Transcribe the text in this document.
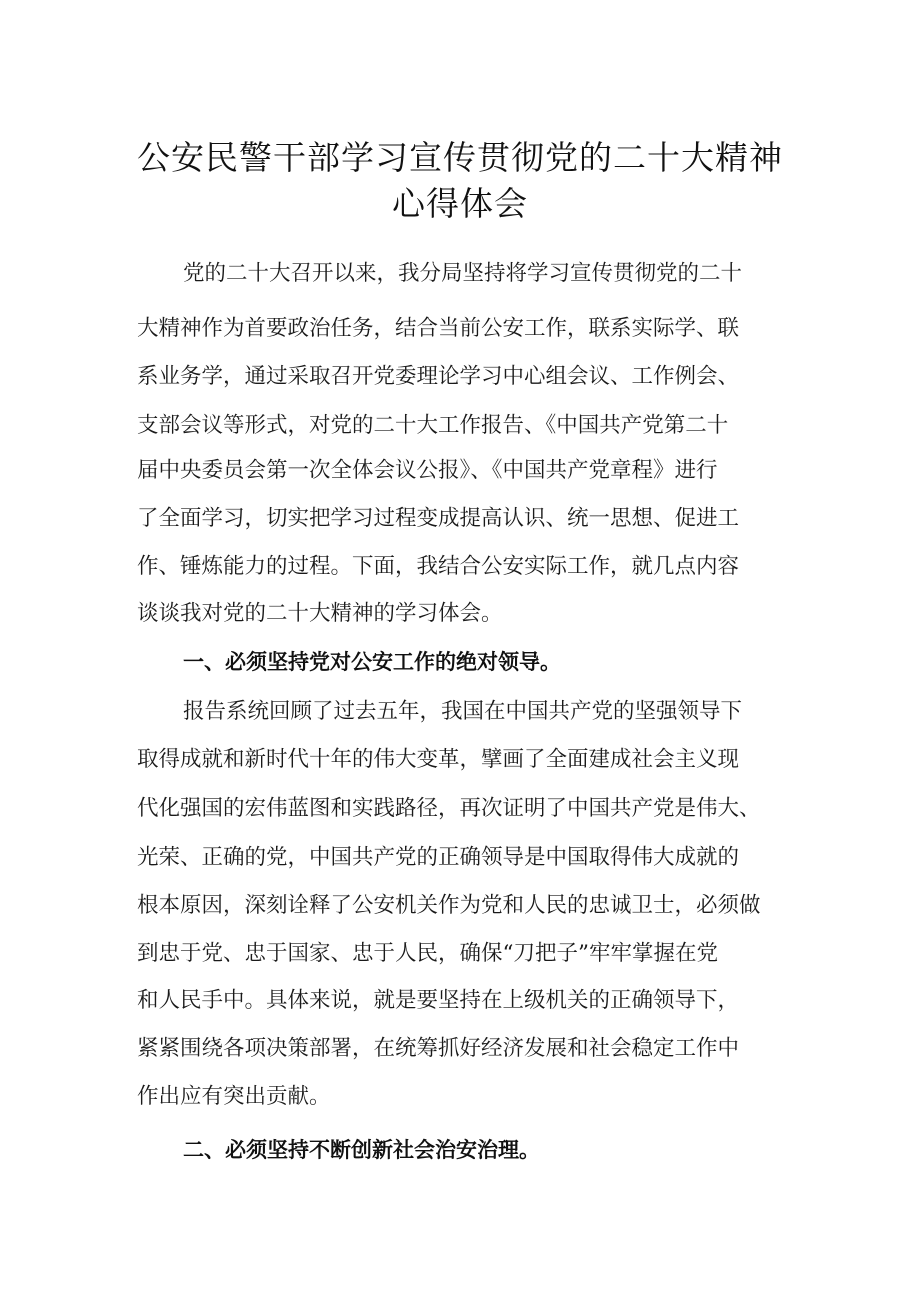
公安民警干部学习宣传贯彻党的二十大精神
心得体会
党的二十大召开以来，我分局坚持将学习宣传贯彻党的二十
大精神作为首要政治任务，结合当前公安工作，联系实际学、联
系业务学，通过采取召开党委理论学习中心组会议、工作例会、
支部会议等形式，对党的二十大工作报告、《中国共产党第二十
届中央委员会第一次全体会议公报》、《中国共产党章程》进行
了全面学习，切实把学习过程变成提高认识、统一思想、促进工
作、锤炼能力的过程。下面，我结合公安实际工作，就几点内容
谈谈我对党的二十大精神的学习体会。
一、必须坚持党对公安工作的绝对领导。
报告系统回顾了过去五年，我国在中国共产党的坚强领导下
取得成就和新时代十年的伟大变革，擘画了全面建成社会主义现
代化强国的宏伟蓝图和实践路径，再次证明了中国共产党是伟大、
光荣、正确的党，中国共产党的正确领导是中国取得伟大成就的
根本原因，深刻诠释了公安机关作为党和人民的忠诚卫士，必须做
到忠于党、忠于国家、忠于人民，确保“刀把子”牢牢掌握在党
和人民手中。具体来说，就是要坚持在上级机关的正确领导下，
紧紧围绕各项决策部署，在统筹抓好经济发展和社会稳定工作中
作出应有突出贡献。
二、必须坚持不断创新社会治安治理。
